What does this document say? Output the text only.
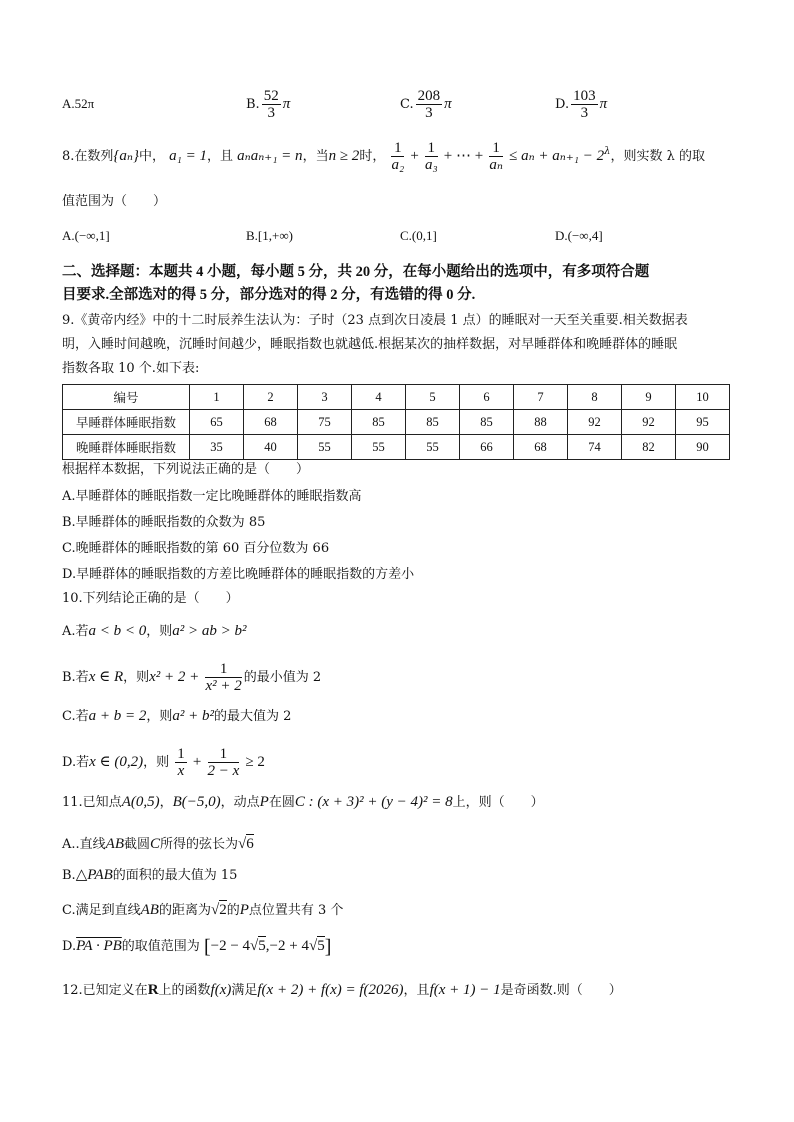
A.52π	B. $\frac{52}{3}$ π	C. $\frac{208}{3}$ π	D. $\frac{103}{3}$ π
8.在数列{aₙ}中， a₁ = 1，且 aₙaₙ₊₁ = n，当n ≥ 2时， $\frac{1}{\text{a₂}} + \frac{1}{\text{a₃}}$ + ⋯ + $\frac{1}{\text{aₙ}} \le a_n + a_{n+1} - 2^\lambda$，则实数 λ 的取
值范围为（　　）
A.(−∞,1]	B.[1,+∞)	C.(0,1]	D.(−∞,4]
二、选择题：本题共 4 小题，每小题 5 分，共 20 分，在每小题给出的选项中，有多项符合题
目要求.全部选对的得 5 分，部分选对的得 2 分，有选错的得 0 分.
9.《黄帝内经》中的十二时辰养生法认为：子时（23 点到次日凌晨 1 点）的睡眠对一天至关重要.相关数据表
明，入睡时间越晚，沉睡时间越少，睡眠指数也就越低.根据某次的抽样数据，对早睡群体和晚睡群体的睡眠
指数各取 10 个.如下表:
编号	1	2	3	4	5	6	7	8	9	10
早睡群体睡眠指数	65	68	75	85	85	85	88	92	92	95
晚睡群体睡眠指数	35	40	55	55	55	66	68	74	82	90
根据样本数据，下列说法正确的是（　　）
A.早睡群体的睡眠指数一定比晚睡群体的睡眠指数高
B.早睡群体的睡眠指数的众数为 85
C.晚睡群体的睡眠指数的第 60 百分位数为 66
D.早睡群体的睡眠指数的方差比晚睡群体的睡眠指数的方差小
10.下列结论正确的是（　　）
A.若a < b < 0，则a² > ab > b²
B.若x ∈ R，则$x^2 + 2 + \frac{1}{\text{x² + 2}}$ 的最小值为 2
C.若a + b = 2，则a² + b²的最大值为 2
D.若x ∈ (0,2)，则 $\frac{1}{x} + \frac{1}{2 - x} \ge 2$
11.已知点A(0,5)，B(−5,0)，动点P在圆C : (x + 3)² + (y − 4)² = 8上，则（　　）
A..直线AB截圆C所得的弦长为√6
B.△PAB的面积的最大值为 15
C.满足到直线AB的距离为√2的P点位置共有 3 个
D.PA · PB的取值范围为 [−2 − 4√5,−2 + 4√5]
12.已知定义在R上的函数f(x)满足f(x + 2) + f(x) = f(2026)，且f(x + 1) − 1是奇函数.则（　　）
